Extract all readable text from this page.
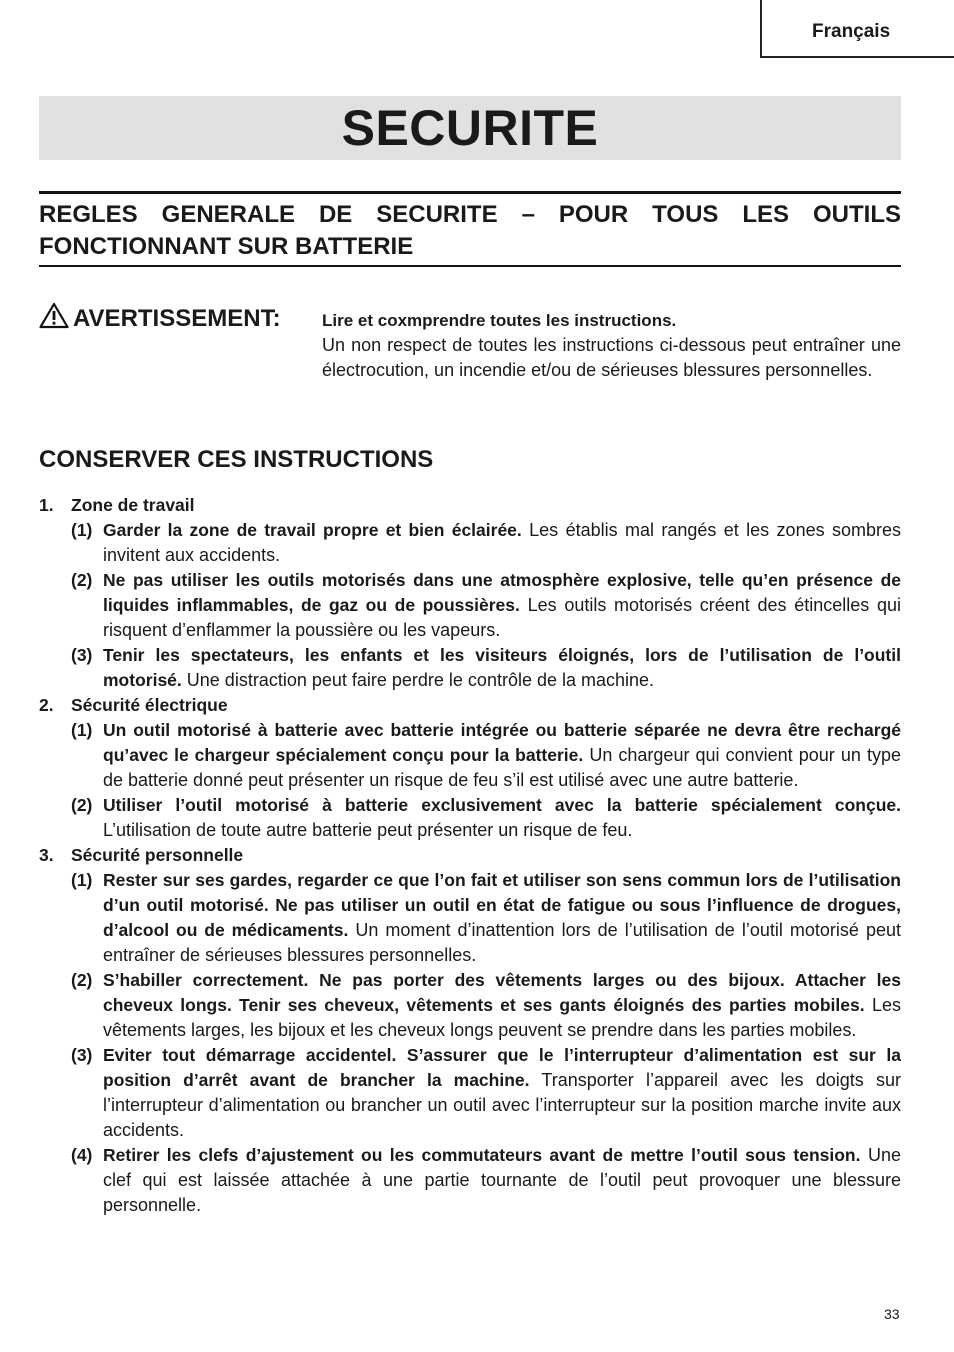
Français
SECURITE
REGLES GENERALE DE SECURITE – POUR TOUS LES OUTILS FONCTIONNANT SUR BATTERIE
AVERTISSEMENT:	Lire et coxmprendre toutes les instructions.
Un non respect de toutes les instructions ci-dessous peut entraîner une électrocution, un incendie et/ou de sérieuses blessures personnelles.
CONSERVER CES INSTRUCTIONS
1. Zone de travail
(1) Garder la zone de travail propre et bien éclairée. Les établis mal rangés et les zones sombres invitent aux accidents.
(2) Ne pas utiliser les outils motorisés dans une atmosphère explosive, telle qu’en présence de liquides inflammables, de gaz ou de poussières. Les outils motorisés créent des étincelles qui risquent d’enflammer la poussière ou les vapeurs.
(3) Tenir les spectateurs, les enfants et les visiteurs éloignés, lors de l’utilisation de l’outil motorisé. Une distraction peut faire perdre le contrôle de la machine.
2. Sécurité électrique
(1) Un outil motorisé à batterie avec batterie intégrée ou batterie séparée ne devra être rechargé qu’avec le chargeur spécialement conçu pour la batterie. Un chargeur qui convient pour un type de batterie donné peut présenter un risque de feu s’il est utilisé avec une autre batterie.
(2) Utiliser l’outil motorisé à batterie exclusivement avec la batterie spécialement conçue. L’utilisation de toute autre batterie peut présenter un risque de feu.
3. Sécurité personnelle
(1) Rester sur ses gardes, regarder ce que l’on fait et utiliser son sens commun lors de l’utilisation d’un outil motorisé. Ne pas utiliser un outil en état de fatigue ou sous l’influence de drogues, d’alcool ou de médicaments. Un moment d’inattention lors de l’utilisation de l’outil motorisé peut entraîner de sérieuses blessures personnelles.
(2) S’habiller correctement. Ne pas porter des vêtements larges ou des bijoux. Attacher les cheveux longs. Tenir ses cheveux, vêtements et ses gants éloignés des parties mobiles. Les vêtements larges, les bijoux et les cheveux longs peuvent se prendre dans les parties mobiles.
(3) Eviter tout démarrage accidentel. S’assurer que le l’interrupteur d’alimentation est sur la position d’arrêt avant de brancher la machine. Transporter l’appareil avec les doigts sur l’interrupteur d’alimentation ou brancher un outil avec l’interrupteur sur la position marche invite aux accidents.
(4) Retirer les clefs d’ajustement ou les commutateurs avant de mettre l’outil sous tension. Une clef qui est laissée attachée à une partie tournante de l’outil peut provoquer une blessure personnelle.
33
